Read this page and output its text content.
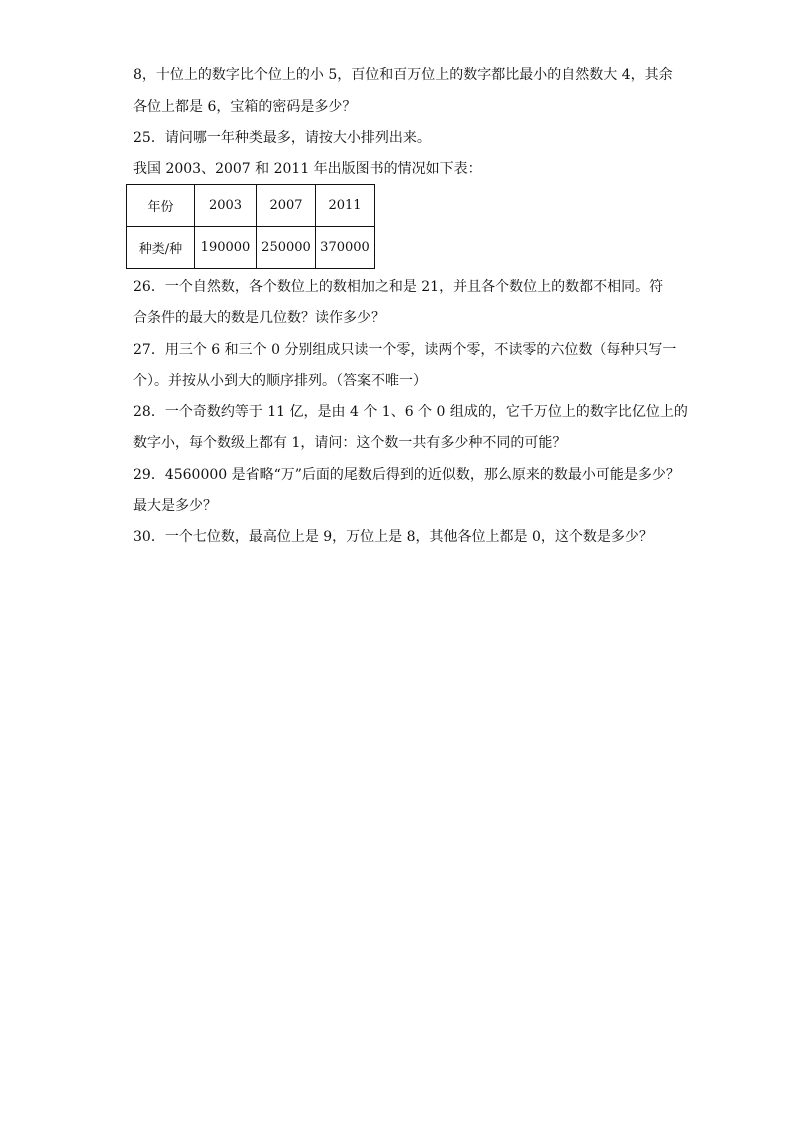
8，十位上的数字比个位上的小 5，百位和百万位上的数字都比最小的自然数大 4，其余
各位上都是 6，宝箱的密码是多少？
25．请问哪一年种类最多，请按大小排列出来。
我国 2003、2007 和 2011 年出版图书的情况如下表：
年份	2003	2007	2011
种类/种	190000	250000	370000
26．一个自然数，各个数位上的数相加之和是 21，并且各个数位上的数都不相同。符
合条件的最大的数是几位数？读作多少？
27．用三个 6 和三个 0 分别组成只读一个零，读两个零，不读零的六位数（每种只写一
个）。并按从小到大的顺序排列。（答案不唯一）
28．一个奇数约等于 11 亿，是由 4 个 1、6 个 0 组成的，它千万位上的数字比亿位上的
数字小，每个数级上都有 1，请问：这个数一共有多少种不同的可能？
29．4560000 是省略“万”后面的尾数后得到的近似数，那么原来的数最小可能是多少？
最大是多少？
30．一个七位数，最高位上是 9，万位上是 8，其他各位上都是 0，这个数是多少？
